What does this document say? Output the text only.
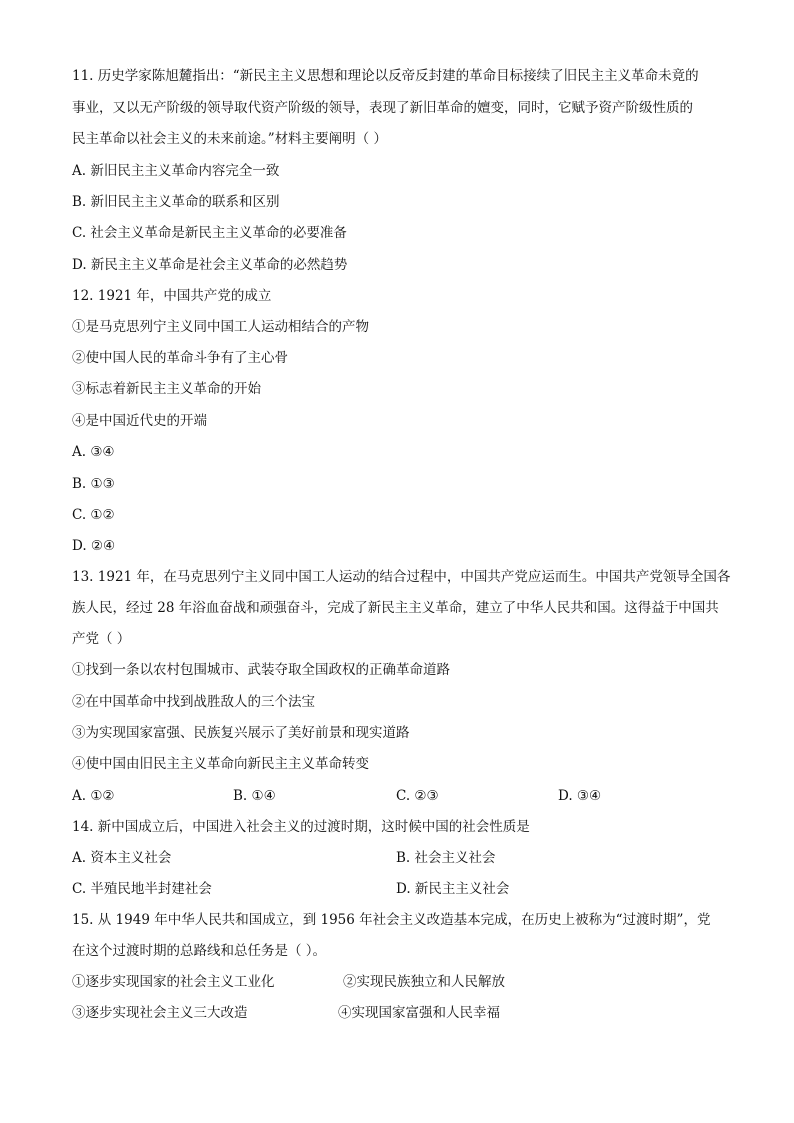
11. 历史学家陈旭麓指出：“新民主主义思想和理论以反帝反封建的革命目标接续了旧民主主义革命未竟的
事业，又以无产阶级的领导取代资产阶级的领导，表现了新旧革命的嬗变，同时，它赋予资产阶级性质的
民主革命以社会主义的未来前途。”材料主要阐明（ ）
A. 新旧民主主义革命内容完全一致
B. 新旧民主主义革命的联系和区别
C. 社会主义革命是新民主主义革命的必要准备
D. 新民主主义革命是社会主义革命的必然趋势
12. 1921 年，中国共产党的成立
①是马克思列宁主义同中国工人运动相结合的产物
②使中国人民的革命斗争有了主心骨
③标志着新民主主义革命的开始
④是中国近代史的开端
A. ③④
B. ①③
C. ①②
D. ②④
13. 1921 年，在马克思列宁主义同中国工人运动的结合过程中，中国共产党应运而生。中国共产党领导全国各
族人民，经过 28 年浴血奋战和顽强奋斗，完成了新民主主义革命，建立了中华人民共和国。这得益于中国共
产党（ ）
①找到一条以农村包围城市、武装夺取全国政权的正确革命道路
②在中国革命中找到战胜敌人的三个法宝
③为实现国家富强、民族复兴展示了美好前景和现实道路
④使中国由旧民主主义革命向新民主主义革命转变
A. ①②	B. ①④	C. ②③	D. ③④
14. 新中国成立后，中国进入社会主义的过渡时期，这时候中国的社会性质是
A. 资本主义社会	B. 社会主义社会
C. 半殖民地半封建社会	D. 新民主主义社会
15. 从 1949 年中华人民共和国成立，到 1956 年社会主义改造基本完成，在历史上被称为“过渡时期”，党
在这个过渡时期的总路线和总任务是（ ）。
①逐步实现国家的社会主义工业化	②实现民族独立和人民解放
③逐步实现社会主义三大改造	④实现国家富强和人民幸福
